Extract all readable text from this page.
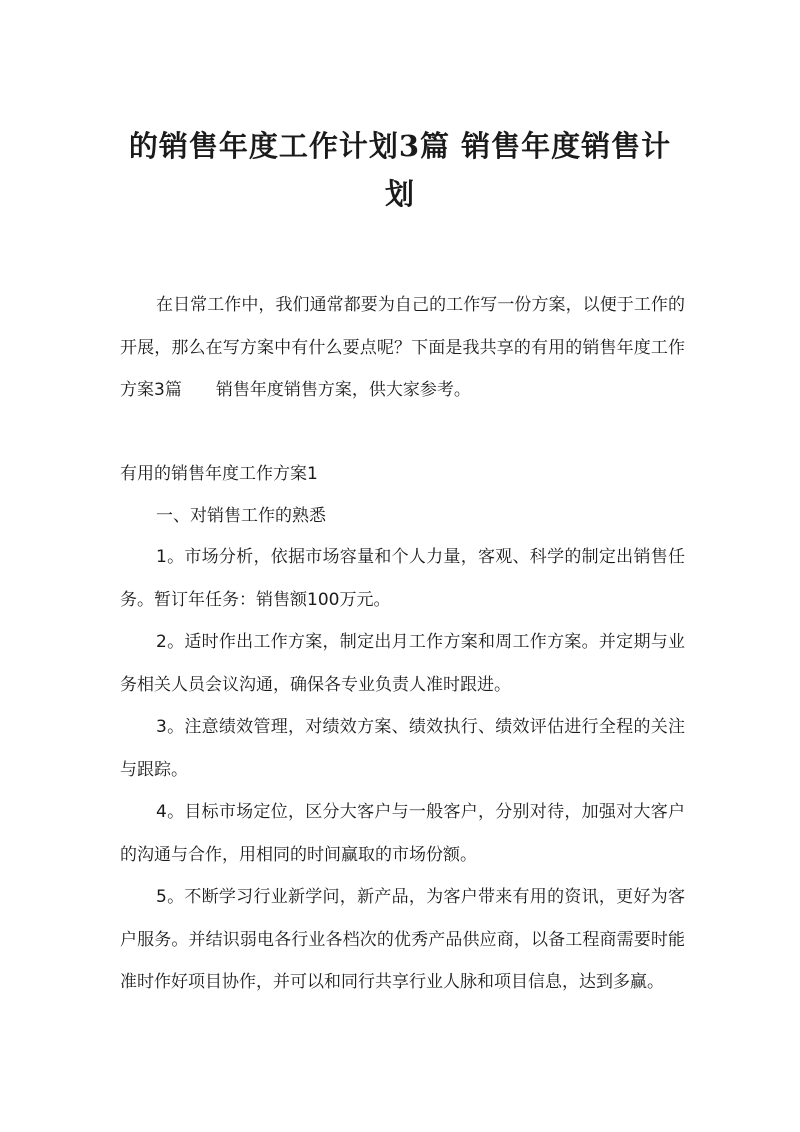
的销售年度工作计划3篇 销售年度销售计划

在日常工作中，我们通常都要为自己的工作写一份方案，以便于工作的开展，那么在写方案中有什么要点呢？下面是我共享的有用的销售年度工作方案3篇　　销售年度销售方案，供大家参考。

有用的销售年度工作方案1

一、对销售工作的熟悉

1。市场分析，依据市场容量和个人力量，客观、科学的制定出销售任务。暂订年任务：销售额100万元。

2。适时作出工作方案，制定出月工作方案和周工作方案。并定期与业务相关人员会议沟通，确保各专业负责人准时跟进。

3。注意绩效管理，对绩效方案、绩效执行、绩效评估进行全程的关注与跟踪。

4。目标市场定位，区分大客户与一般客户，分别对待，加强对大客户的沟通与合作，用相同的时间赢取的市场份额。

5。不断学习行业新学问，新产品，为客户带来有用的资讯，更好为客户服务。并结识弱电各行业各档次的优秀产品供应商，以备工程商需要时能准时作好项目协作，并可以和同行共享行业人脉和项目信息，达到多赢。
